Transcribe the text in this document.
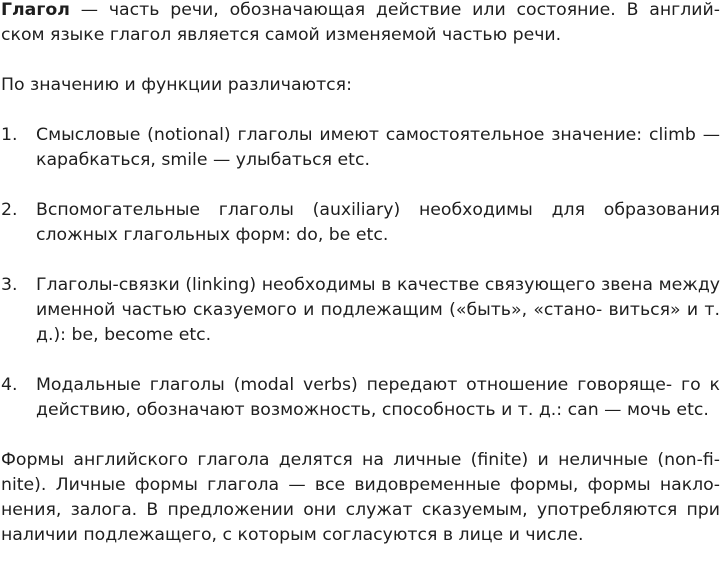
Глагол — часть речи, обозначающая действие или состояние. В англий- ском языке глагол является самой изменяемой частью речи.

По значению и функции различаются:

1. Смысловые (notional) глаголы имеют самостоятельное значение: climb — карабкаться, smile — улыбаться etc.
2. Вспомогательные глаголы (auxiliary) необходимы для образования сложных глагольных форм: do, be etc.
3. Глаголы-связки (linking) необходимы в качестве связующего звена между именной частью сказуемого и подлежащим («быть», «стано- виться» и т. д.): be, become etc.
4. Модальные глаголы (modal verbs) передают отношение говоряще- го к действию, обозначают возможность, способность и т. д.: can — мочь etc.

Формы английского глагола делятся на личные (finite) и неличные (non-fi- nite). Личные формы глагола — все видовременные формы, формы накло- нения, залога. В предложении они служат сказуемым, употребляются при наличии подлежащего, с которым согласуются в лице и числе.
